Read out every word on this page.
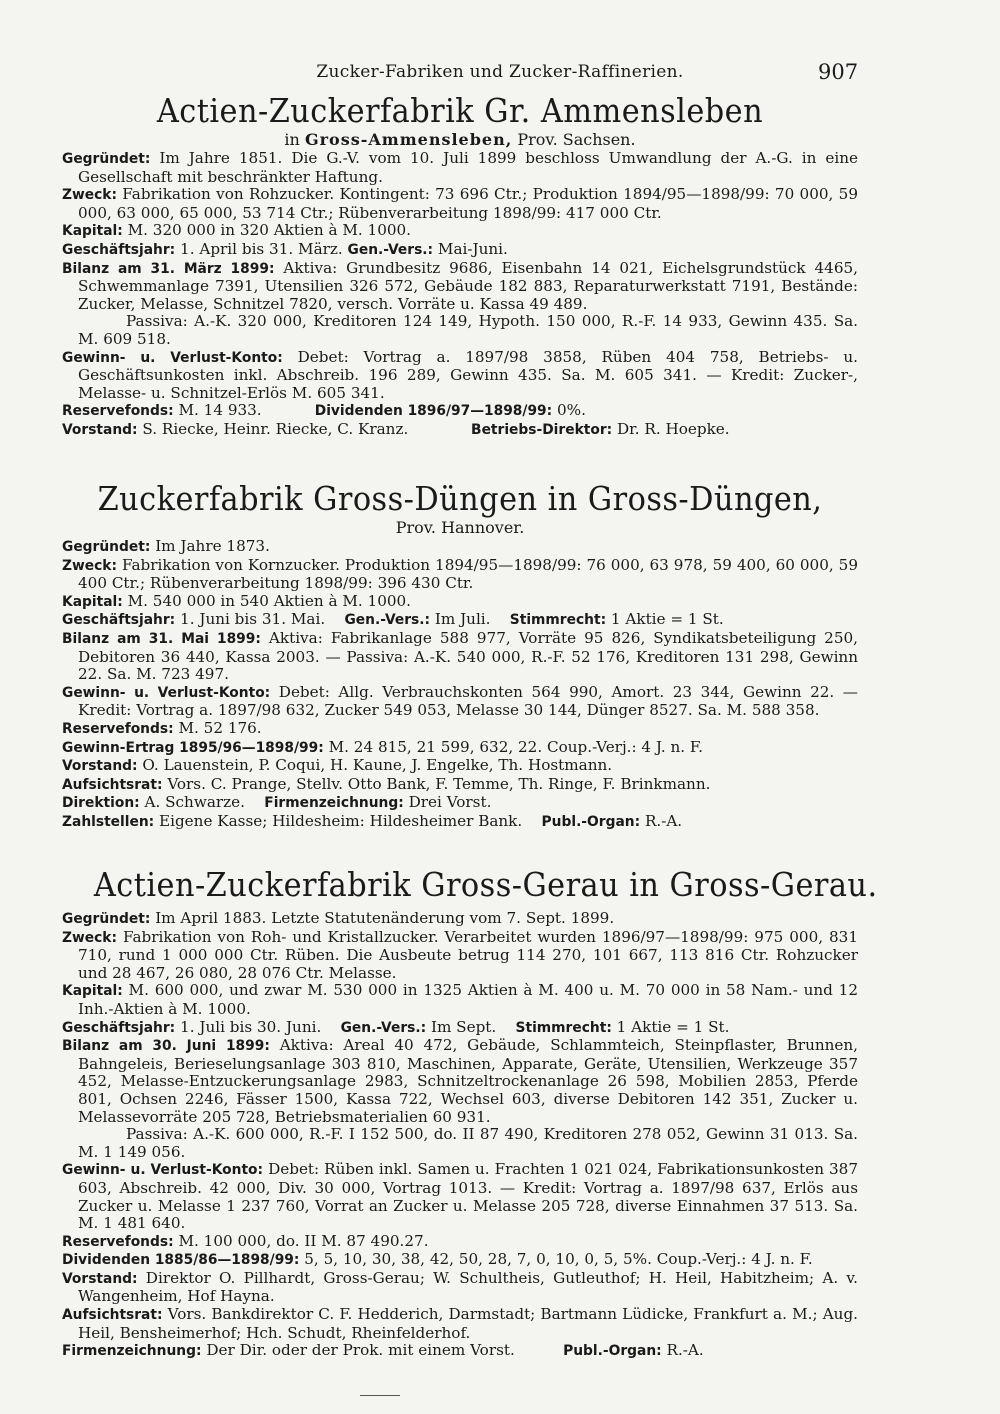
Zucker-Fabriken und Zucker-Raffinerien.	907
Actien-Zuckerfabrik Gr. Ammensleben
in Gross-Ammensleben, Prov. Sachsen.

Gegründet: Im Jahre 1851. Die G.-V. vom 10. Juli 1899 beschloss Umwandlung der A.-G. in eine Gesellschaft mit beschränkter Haftung.

Zweck: Fabrikation von Rohzucker. Kontingent: 73 696 Ctr.; Produktion 1894/95—1898/99: 70 000, 59 000, 63 000, 65 000, 53 714 Ctr.; Rübenverarbeitung 1898/99: 417 000 Ctr.

Kapital: M. 320 000 in 320 Aktien à M. 1000.

Geschäftsjahr: 1. April bis 31. März. Gen.-Vers.: Mai-Juni.

Bilanz am 31. März 1899: Aktiva: Grundbesitz 9686, Eisenbahn 14 021, Eichelsgrundstück 4465, Schwemmanlage 7391, Utensilien 326 572, Gebäude 182 883, Reparaturwerkstatt 7191, Bestände: Zucker, Melasse, Schnitzel 7820, versch. Vorräte u. Kassa 49 489.

Passiva: A.-K. 320 000, Kreditoren 124 149, Hypoth. 150 000, R.-F. 14 933, Gewinn 435. Sa. M. 609 518.

Gewinn- u. Verlust-Konto: Debet: Vortrag a. 1897/98 3858, Rüben 404 758, Betriebs- u. Geschäftsunkosten inkl. Abschreib. 196 289, Gewinn 435. Sa. M. 605 341. — Kredit: Zucker-, Melasse- u. Schnitzel-Erlös M. 605 341.

Reservefonds: M. 14 933.	Dividenden 1896/97—1898/99: 0%.

Vorstand: S. Riecke, Heinr. Riecke, C. Kranz.	Betriebs-Direktor: Dr. R. Hoepke.

Zuckerfabrik Gross-Düngen in Gross-Düngen,
Prov. Hannover.

Gegründet: Im Jahre 1873.

Zweck: Fabrikation von Kornzucker. Produktion 1894/95—1898/99: 76 000, 63 978, 59 400, 60 000, 59 400 Ctr.; Rübenverarbeitung 1898/99: 396 430 Ctr.

Kapital: M. 540 000 in 540 Aktien à M. 1000.

Geschäftsjahr: 1. Juni bis 31. Mai. Gen.-Vers.: Im Juli. Stimmrecht: 1 Aktie = 1 St.

Bilanz am 31. Mai 1899: Aktiva: Fabrikanlage 588 977, Vorräte 95 826, Syndikatsbeteiligung 250, Debitoren 36 440, Kassa 2003. — Passiva: A.-K. 540 000, R.-F. 52 176, Kreditoren 131 298, Gewinn 22. Sa. M. 723 497.

Gewinn- u. Verlust-Konto: Debet: Allg. Verbrauchskonten 564 990, Amort. 23 344, Gewinn 22. — Kredit: Vortrag a. 1897/98 632, Zucker 549 053, Melasse 30 144, Dünger 8527. Sa. M. 588 358.

Reservefonds: M. 52 176.

Gewinn-Ertrag 1895/96—1898/99: M. 24 815, 21 599, 632, 22. Coup.-Verj.: 4 J. n. F.

Vorstand: O. Lauenstein, P. Coqui, H. Kaune, J. Engelke, Th. Hostmann.

Aufsichtsrat: Vors. C. Prange, Stellv. Otto Bank, F. Temme, Th. Ringe, F. Brinkmann.

Direktion: A. Schwarze. Firmenzeichnung: Drei Vorst.

Zahlstellen: Eigene Kasse; Hildesheim: Hildesheimer Bank. Publ.-Organ: R.-A.

Actien-Zuckerfabrik Gross-Gerau in Gross-Gerau.

Gegründet: Im April 1883. Letzte Statutenänderung vom 7. Sept. 1899.

Zweck: Fabrikation von Roh- und Kristallzucker. Verarbeitet wurden 1896/97—1898/99: 975 000, 831 710, rund 1 000 000 Ctr. Rüben. Die Ausbeute betrug 114 270, 101 667, 113 816 Ctr. Rohzucker und 28 467, 26 080, 28 076 Ctr. Melasse.

Kapital: M. 600 000, und zwar M. 530 000 in 1325 Aktien à M. 400 u. M. 70 000 in 58 Nam.- und 12 Inh.-Aktien à M. 1000.

Geschäftsjahr: 1. Juli bis 30. Juni. Gen.-Vers.: Im Sept. Stimmrecht: 1 Aktie = 1 St.

Bilanz am 30. Juni 1899: Aktiva: Areal 40 472, Gebäude, Schlammteich, Steinpflaster, Brunnen, Bahngeleis, Berieselungsanlage 303 810, Maschinen, Apparate, Geräte, Utensilien, Werkzeuge 357 452, Melasse-Entzuckerungsanlage 2983, Schnitzeltrockenanlage 26 598, Mobilien 2853, Pferde 801, Ochsen 2246, Fässer 1500, Kassa 722, Wechsel 603, diverse Debitoren 142 351, Zucker u. Melassevorräte 205 728, Betriebsmaterialien 60 931.

Passiva: A.-K. 600 000, R.-F. I 152 500, do. II 87 490, Kreditoren 278 052, Gewinn 31 013. Sa. M. 1 149 056.

Gewinn- u. Verlust-Konto: Debet: Rüben inkl. Samen u. Frachten 1 021 024, Fabrikationsunkosten 387 603, Abschreib. 42 000, Div. 30 000, Vortrag 1013. — Kredit: Vortrag a. 1897/98 637, Erlös aus Zucker u. Melasse 1 237 760, Vorrat an Zucker u. Melasse 205 728, diverse Einnahmen 37 513. Sa. M. 1 481 640.

Reservefonds: M. 100 000, do. II M. 87 490.27.

Dividenden 1885/86—1898/99: 5, 5, 10, 30, 38, 42, 50, 28, 7, 0, 10, 0, 5, 5%. Coup.-Verj.: 4 J. n. F.

Vorstand: Direktor O. Pillhardt, Gross-Gerau; W. Schultheis, Gutleuthof; H. Heil, Habitzheim; A. v. Wangenheim, Hof Hayna.

Aufsichtsrat: Vors. Bankdirektor C. F. Hedderich, Darmstadt; Bartmann Lüdicke, Frankfurt a. M.; Aug. Heil, Bensheimerhof; Hch. Schudt, Rheinfelderhof.

Firmenzeichnung: Der Dir. oder der Prok. mit einem Vorst.	Publ.-Organ: R.-A.
